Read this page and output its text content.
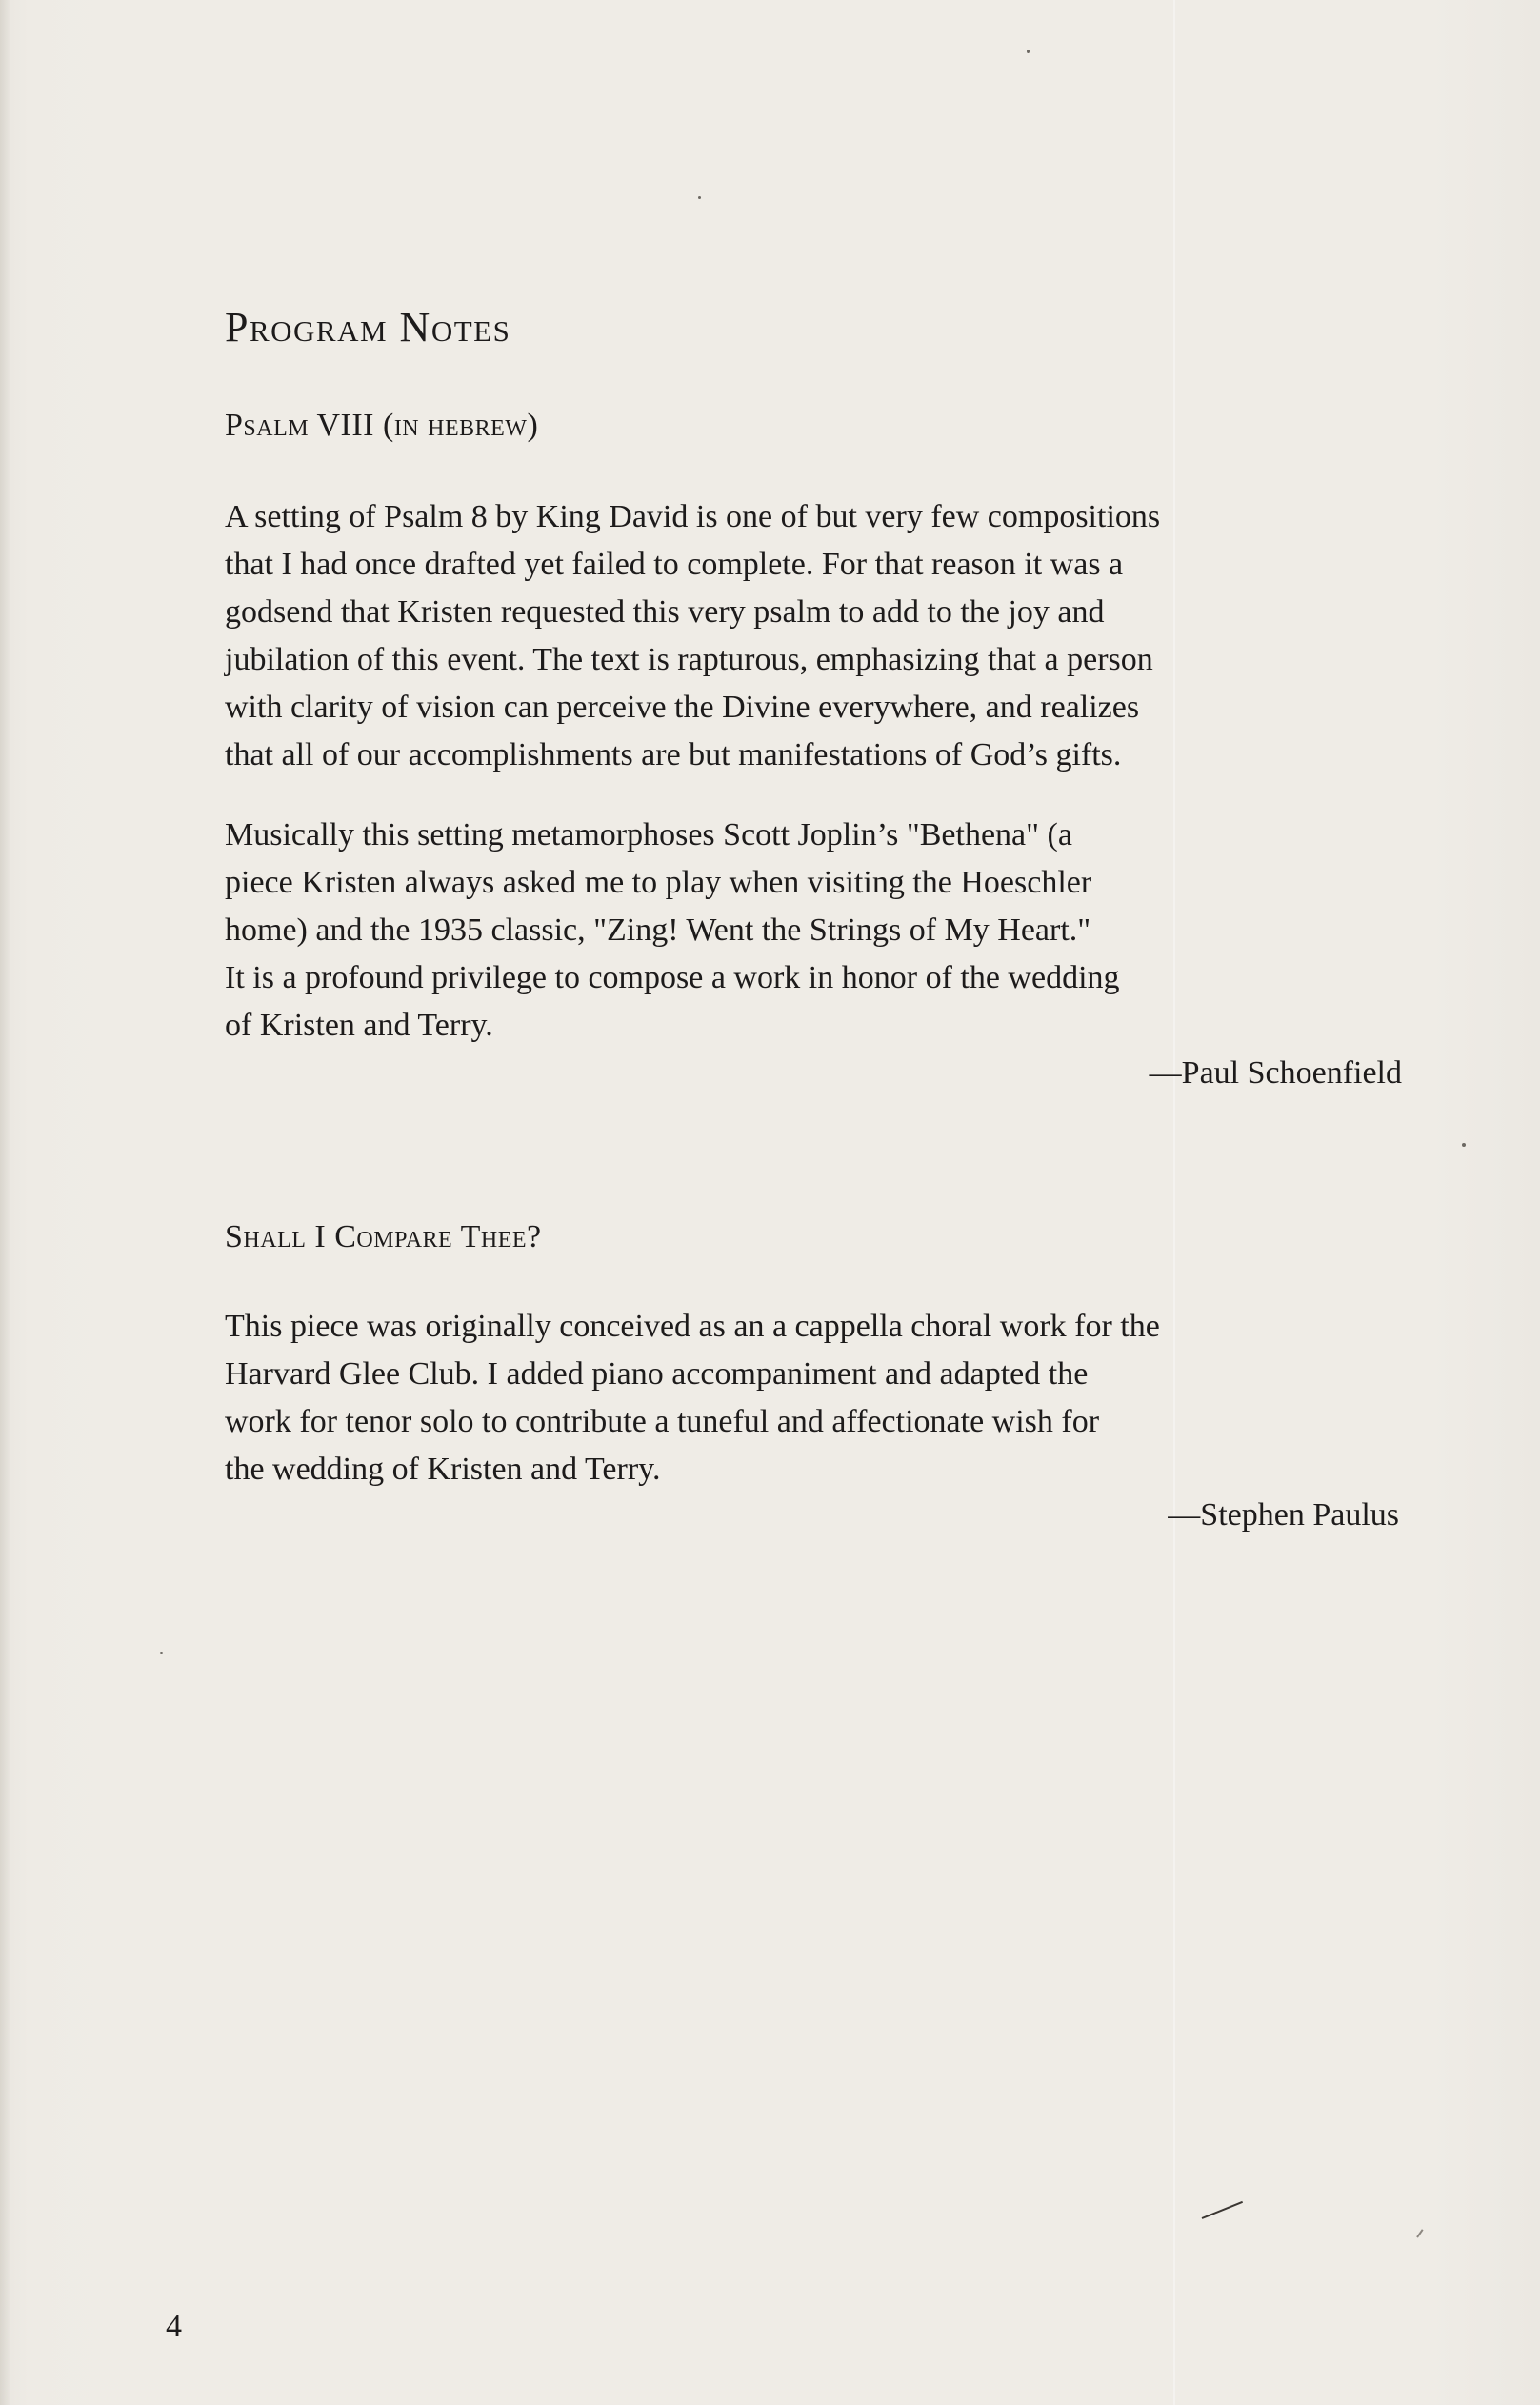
Program Notes
Psalm VIII (in hebrew)
A setting of Psalm 8 by King David is one of but very few compositions
that I had once drafted yet failed to complete. For that reason it was a
godsend that Kristen requested this very psalm to add to the joy and
jubilation of this event. The text is rapturous, emphasizing that a person
with clarity of vision can perceive the Divine everywhere, and realizes
that all of our accomplishments are but manifestations of God’s gifts.
Musically this setting metamorphoses Scott Joplin’s "Bethena" (a
piece Kristen always asked me to play when visiting the Hoeschler
home) and the 1935 classic, "Zing! Went the Strings of My Heart."
It is a profound privilege to compose a work in honor of the wedding
of Kristen and Terry.
—Paul Schoenfield
Shall I Compare Thee?
This piece was originally conceived as an a cappella choral work for the
Harvard Glee Club. I added piano accompaniment and adapted the
work for tenor solo to contribute a tuneful and affectionate wish for
the wedding of Kristen and Terry.
—Stephen Paulus
4
